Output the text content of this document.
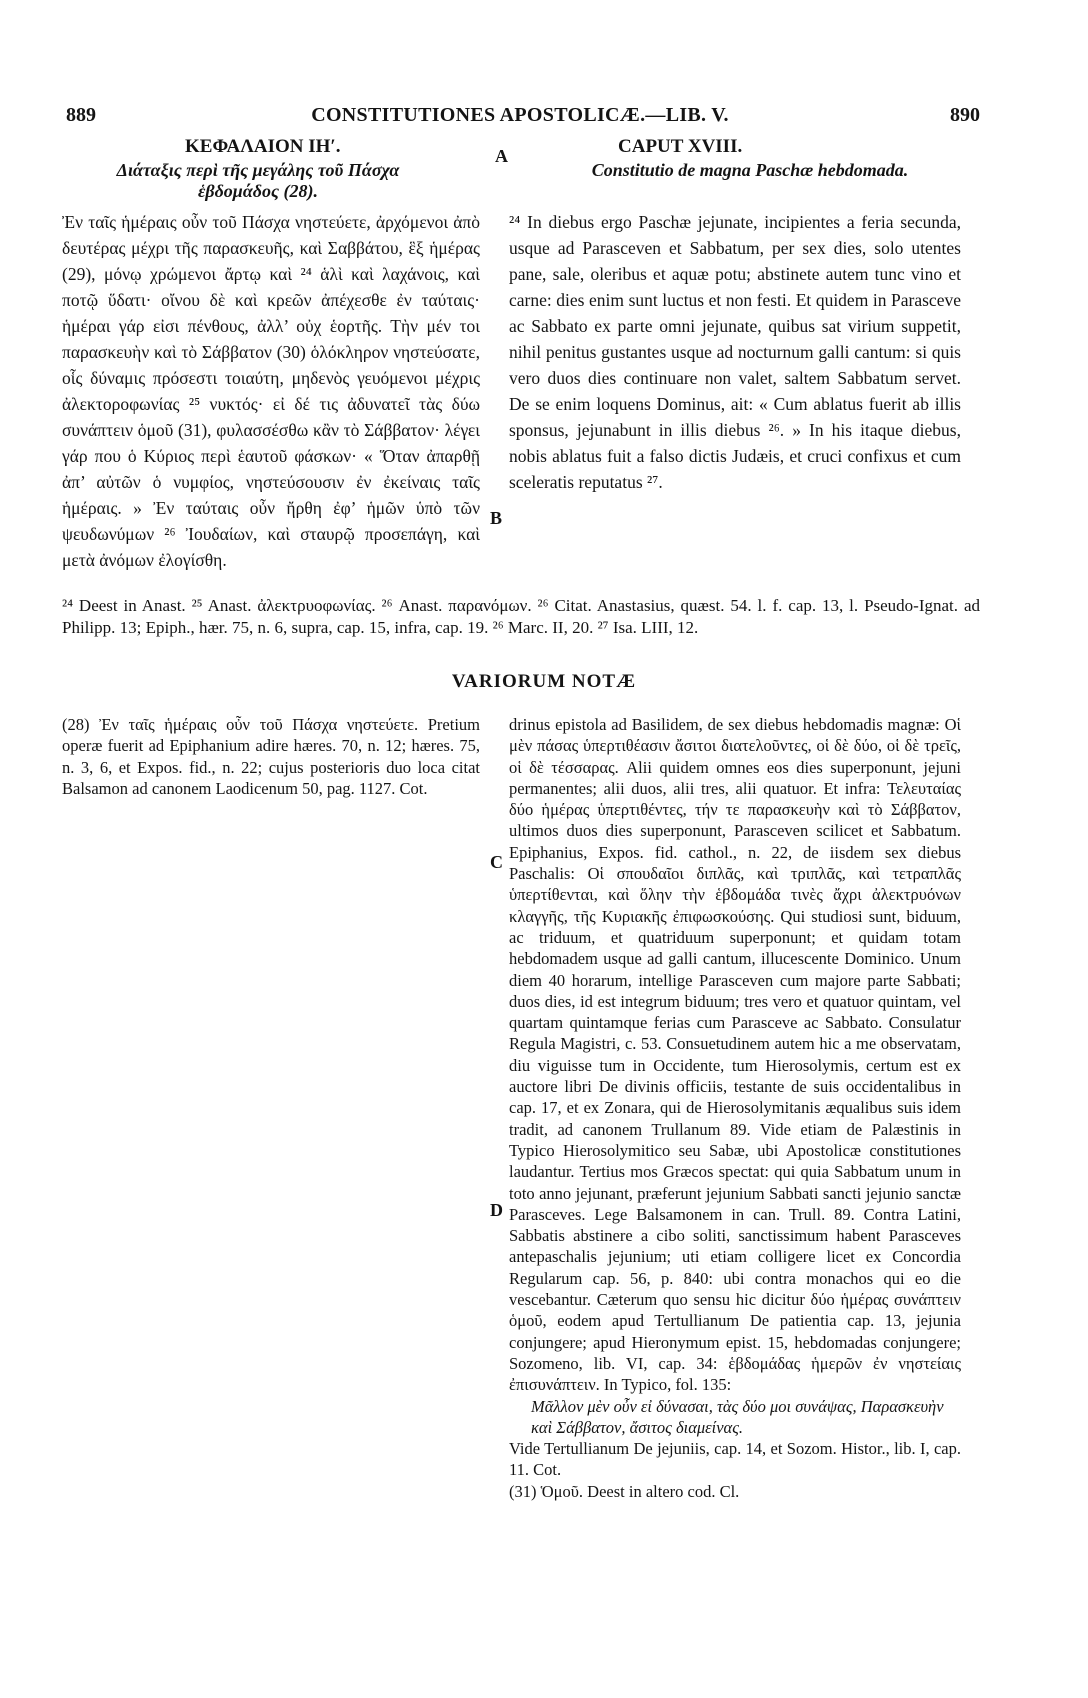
889	CONSTITUTIONES APOSTOLICÆ.—LIB. V.	890
ΚΕΦΑΛΑΙΟΝ ΙΗʹ.	CAPUT XVIII.
A
Διάταξις περὶ τῆς μεγάλης τοῦ Πάσχα ἑβδομάδος (28).
Constitutio de magna Paschæ hebdomada.

Ἐν ταῖς ἡμέραις οὖν τοῦ Πάσχα νηστεύετε, ἀρχόμενοι ἀπὸ δευτέρας μέχρι τῆς παρασκευῆς, καὶ Σαββάτου, ἓξ ἡμέρας (29), μόνῳ χρώμενοι ἄρτῳ καὶ ²⁴ ἁλὶ καὶ λαχάνοις, καὶ ποτῷ ὕδατι· οἴνου δὲ καὶ κρεῶν ἀπέχεσθε ἐν ταύταις· ἡμέραι γάρ εἰσι πένθους, ἀλλ’ οὐχ ἑορτῆς. Τὴν μέν τοι παρασκευὴν καὶ τὸ Σάββατον (30) ὁλόκληρον νηστεύσατε, οἷς δύναμις πρόσεστι τοιαύτη, μηδενὸς γευόμενοι μέχρις ἀλεκτοροφωνίας ²⁵ νυκτός· εἰ δέ τις ἀδυνατεῖ τὰς δύω συνάπτειν ὁμοῦ (31), φυλασσέσθω κἂν τὸ Σάββατον· λέγει γάρ που ὁ Κύριος περὶ ἑαυτοῦ φάσκων· « Ὅταν ἀπαρθῇ ἀπ’ αὐτῶν ὁ νυμφίος, νηστεύσουσιν ἐν ἐκείναις ταῖς ἡμέραις. » Ἐν ταύταις οὖν ἤρθη ἐφ’ ἡμῶν ὑπὸ τῶν ψευδωνύμων ²⁶ Ἰουδαίων, καὶ σταυρῷ προσεπάγη, καὶ μετὰ ἀνόμων ἐλογίσθη.

B

²⁴ In diebus ergo Paschæ jejunate, incipientes a feria secunda, usque ad Parasceven et Sabbatum, per sex dies, solo utentes pane, sale, oleribus et aquæ potu; abstinete autem tunc vino et carne: dies enim sunt luctus et non festi. Et quidem in Parasceve ac Sabbato ex parte omni jejunate, quibus sat virium suppetit, nihil penitus gustantes usque ad nocturnum galli cantum: si quis vero duos dies continuare non valet, saltem Sabbatum servet. De se enim loquens Dominus, ait: « Cum ablatus fuerit ab illis sponsus, jejunabunt in illis diebus ²⁶. » In his itaque diebus, nobis ablatus fuit a falso dictis Judæis, et cruci confixus et cum sceleratis reputatus ²⁷.

²⁴ Deest in Anast. ²⁵ Anast. ἀλεκτρυοφωνίας. ²⁶ Anast. παρανόμων. ²⁶ Citat. Anastasius, quæst. 54. l. f. cap. 13, l. Pseudo-Ignat. ad Philipp. 13; Epiph., hær. 75, n. 6, supra, cap. 15, infra, cap. 19. ²⁶ Marc. II, 20. ²⁷ Isa. LIII, 12.

VARIORUM NOTÆ

(28) Ἐν ταῖς ἡμέραις οὖν τοῦ Πάσχα νηστεύετε. Pretium operæ fuerit ad Epiphanium adire hæres. 70, n. 12; hæres. 75, n. 3, 6, et Expos. fid., n. 22; cujus posterioris duo loca citat Balsamon ad canonem Laodicenum 50, pag. 1127. Cot.

C
D

drinus epistola ad Basilidem, de sex diebus hebdomadis magnæ: Οἱ μὲν πάσας ὑπερτιθέασιν ἄσιτοι διατελοῦντες, οἱ δὲ δύο, οἱ δὲ τρεῖς, οἱ δὲ τέσσαρας. Alii quidem omnes eos dies superponunt, jejuni permanentes; alii duos, alii tres, alii quatuor. Et infra: Τελευταίας δύο ἡμέρας ὑπερτιθέντες, τήν τε παρασκευὴν καὶ τὸ Σάββατον, ultimos duos dies superponunt, Parasceven scilicet et Sabbatum. Epiphanius, Expos. fid. cathol., n. 22, de iisdem sex diebus Paschalis: Οἱ σπουδαῖοι διπλᾶς, καὶ τριπλᾶς, καὶ τετραπλᾶς ὑπερτίθενται, καὶ ὅλην τὴν ἑβδομάδα τινὲς ἄχρι ἀλεκτρυόνων κλαγγῆς, τῆς Κυριακῆς ἐπιφωσκούσης. Qui studiosi sunt, biduum, ac triduum, et quatriduum superponunt; et quidam totam hebdomadem usque ad galli cantum, illucescente Dominico. Unum diem 40 horarum, intellige Parasceven cum majore parte Sabbati; duos dies, id est integrum biduum; tres vero et quatuor quintam, vel quartam quintamque ferias cum Parasceve ac Sabbato. Consulatur Regula Magistri, c. 53. Consuetudinem autem hic a me observatam, diu viguisse tum in Occidente, tum Hierosolymis, certum est ex auctore libri De divinis officiis, testante de suis occidentalibus in cap. 17, et ex Zonara, qui de Hierosolymitanis æqualibus suis idem tradit, ad canonem Trullanum 89. Vide etiam de Palæstinis in Typico Hierosolymitico seu Sabæ, ubi Apostolicæ constitutiones laudantur. Tertius mos Græcos spectat: qui quia Sabbatum unum in toto anno jejunant, præferunt jejunium Sabbati sancti jejunio sanctæ Parasceves. Lege Balsamonem in can. Trull. 89. Contra Latini, Sabbatis abstinere a cibo soliti, sanctissimum habent Parasceves antepaschalis jejunium; uti etiam colligere licet ex Concordia Regularum cap. 56, p. 840: ubi contra monachos qui eo die vescebantur. Cæterum quo sensu hic dicitur δύο ἡμέρας συνάπτειν ὁμοῦ, eodem apud Tertullianum De patientia cap. 13, jejunia conjungere; apud Hieronymum epist. 15, hebdomadas conjungere; Sozomeno, lib. VI, cap. 34: ἑβδομάδας ἡμερῶν ἐν νηστείαις ἐπισυνάπτειν. In Typico, fol. 135:

Μᾶλλον μὲν οὖν εἰ δύνασαι, τὰς δύο μοι συνάψας, Παρασκευὴν καὶ Σάββατον, ἄσιτος διαμείνας.

Vide Tertullianum De jejuniis, cap. 14, et Sozom. Histor., lib. I, cap. 11. Cot.

(31) Ὁμοῦ. Deest in altero cod. Cl.
